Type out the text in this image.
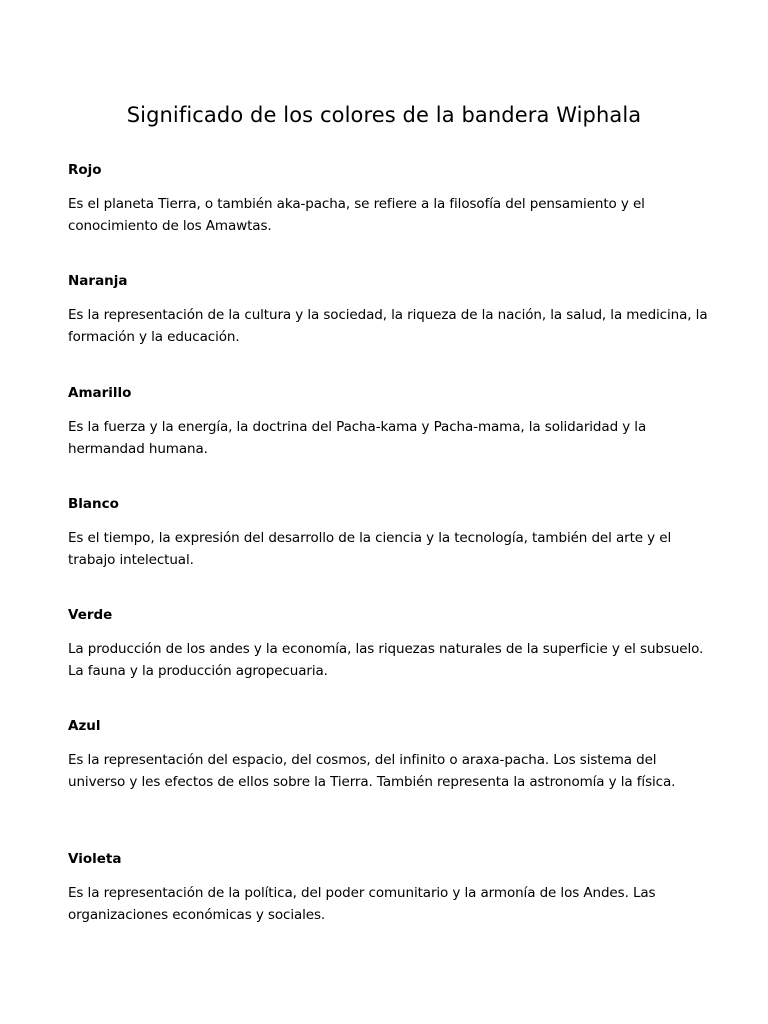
Significado de los colores de la bandera Wiphala

Rojo

Es el planeta Tierra, o también aka-pacha, se refiere a la filosofía del pensamiento y el conocimiento de los Amawtas.

Naranja

Es la representación de la cultura y la sociedad, la riqueza de la nación, la salud, la medicina, la formación y la educación.

Amarillo

Es la fuerza y la energía, la doctrina del Pacha-kama y Pacha-mama, la solidaridad y la hermandad humana.

Blanco

Es el tiempo, la expresión del desarrollo de la ciencia y la tecnología, también del arte y el trabajo intelectual.

Verde

La producción de los andes y la economía, las riquezas naturales de la superficie y el subsuelo. La fauna y la producción agropecuaria.

Azul

Es la representación del espacio, del cosmos, del infinito o araxa-pacha. Los sistema del universo y les efectos de ellos sobre la Tierra. También representa la astronomía y la física.

Violeta

Es la representación de la política, del poder comunitario y la armonía de los Andes. Las organizaciones económicas y sociales.
